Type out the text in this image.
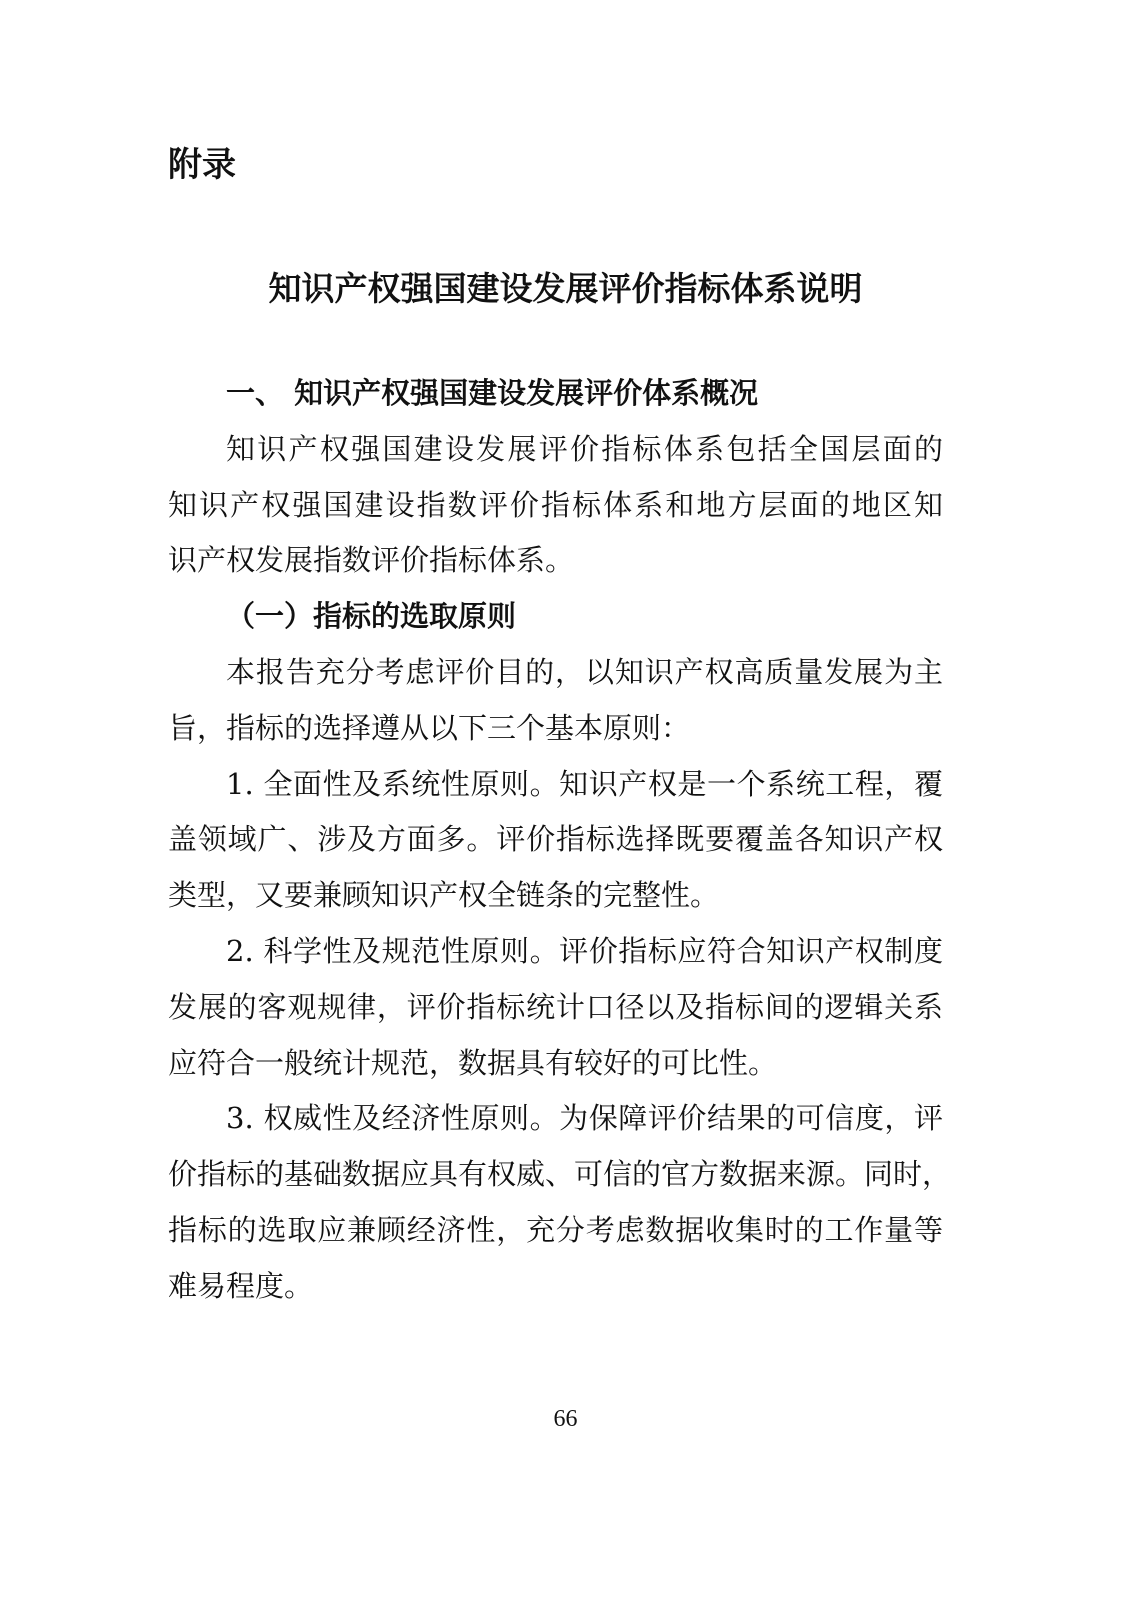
附录
知识产权强国建设发展评价指标体系说明

一、 知识产权强国建设发展评价体系概况

知识产权强国建设发展评价指标体系包括全国层面的

知识产权强国建设指数评价指标体系和地方层面的地区知

识产权发展指数评价指标体系。

（一）指标的选取原则

本报告充分考虑评价目的，以知识产权高质量发展为主

旨，指标的选择遵从以下三个基本原则：

1. 全面性及系统性原则。知识产权是一个系统工程，覆

盖领域广、涉及方面多。评价指标选择既要覆盖各知识产权

类型，又要兼顾知识产权全链条的完整性。

2. 科学性及规范性原则。评价指标应符合知识产权制度

发展的客观规律，评价指标统计口径以及指标间的逻辑关系

应符合一般统计规范，数据具有较好的可比性。

3. 权威性及经济性原则。为保障评价结果的可信度，评

价指标的基础数据应具有权威、可信的官方数据来源。同时，

指标的选取应兼顾经济性，充分考虑数据收集时的工作量等

难易程度。

66
